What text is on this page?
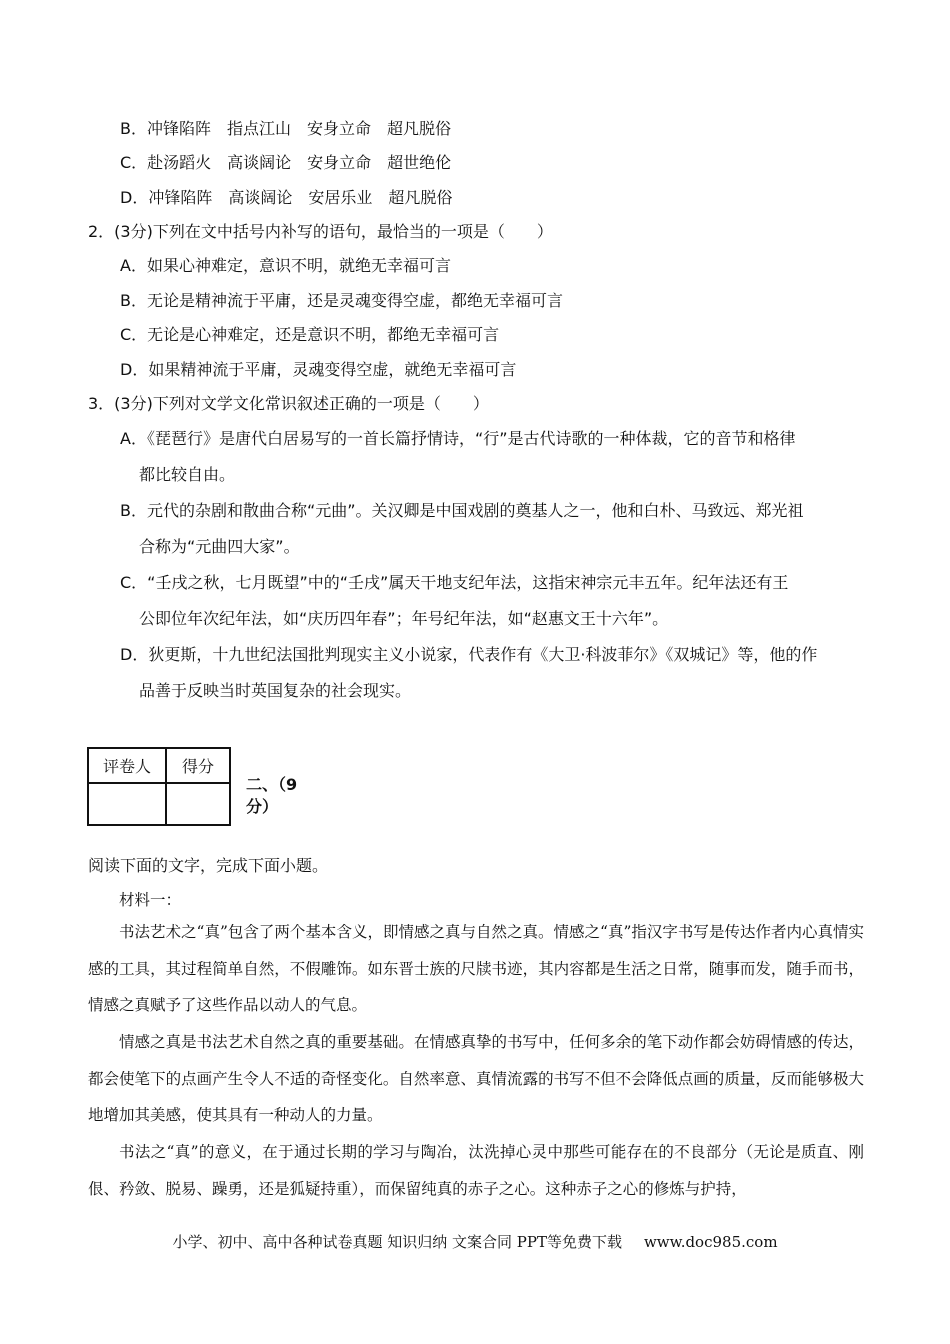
B．冲锋陷阵　指点江山　安身立命　超凡脱俗
C．赴汤蹈火　高谈阔论　安身立命　超世绝伦
D．冲锋陷阵　高谈阔论　安居乐业　超凡脱俗
2．(3分)下列在文中括号内补写的语句，最恰当的一项是（　　）
A．如果心神难定，意识不明，就绝无幸福可言
B．无论是精神流于平庸，还是灵魂变得空虚，都绝无幸福可言
C．无论是心神难定，还是意识不明，都绝无幸福可言
D．如果精神流于平庸，灵魂变得空虚，就绝无幸福可言
3．(3分)下列对文学文化常识叙述正确的一项是（　　）
A．《琵琶行》是唐代白居易写的一首长篇抒情诗，“行”是古代诗歌的一种体裁，它的音节和格律
都比较自由。
B．元代的杂剧和散曲合称“元曲”。关汉卿是中国戏剧的奠基人之一，他和白朴、马致远、郑光祖
合称为“元曲四大家”。
C．“壬戌之秋，七月既望”中的“壬戌”属天干地支纪年法，这指宋神宗元丰五年。纪年法还有王
公即位年次纪年法，如“庆历四年春”；年号纪年法，如“赵惠文王十六年”。
D．狄更斯，十九世纪法国批判现实主义小说家，代表作有《大卫·科波菲尔》《双城记》等，他的作
品善于反映当时英国复杂的社会现实。
评卷人	得分

二、（9
分）
阅读下面的文字，完成下面小题。
材料一：

书法艺术之“真”包含了两个基本含义，即情感之真与自然之真。情感之“真”指汉字书写是传达作者内心真情实感的工具，其过程简单自然，不假雕饰。如东晋士族的尺牍书迹，其内容都是生活之日常，随事而发，随手而书，情感之真赋予了这些作品以动人的气息。

情感之真是书法艺术自然之真的重要基础。在情感真挚的书写中，任何多余的笔下动作都会妨碍情感的传达，都会使笔下的点画产生令人不适的奇怪变化。自然率意、真情流露的书写不但不会降低点画的质量，反而能够极大地增加其美感，使其具有一种动人的力量。

书法之“真”的意义，在于通过长期的学习与陶冶，汰洗掉心灵中那些可能存在的不良部分（无论是质直、刚佷、矜敛、脱易、躁勇，还是狐疑持重），而保留纯真的赤子之心。这种赤子之心的修炼与护持，

小学、初中、高中各种试卷真题 知识归纳 文案合同 PPT等免费下载 www.doc985.com
